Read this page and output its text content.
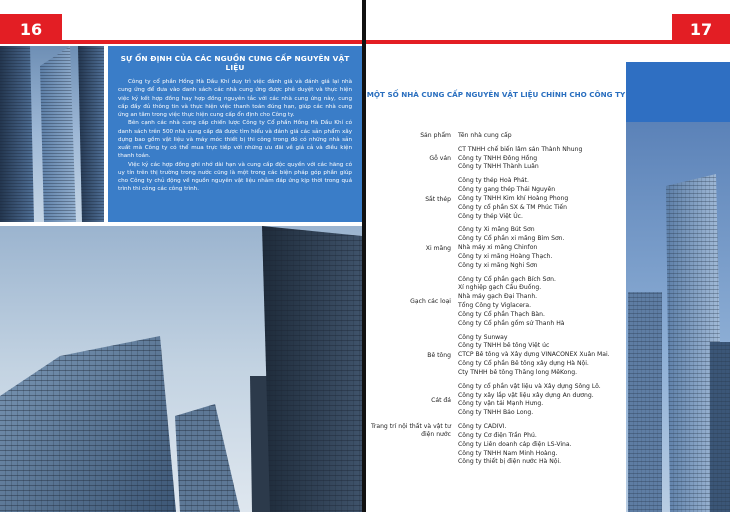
16
SỰ ỔN ĐỊNH CỦA CÁC NGUỒN CUNG CẤP NGUYÊN VẬT LIỆU

Công ty cổ phần Hồng Hà Dầu Khí duy trì việc đánh giá và đánh giá lại nhà cung ứng để đưa vào danh sách các nhà cung ứng được phê duyệt và thực hiện việc ký kết hợp đồng hay hợp đồng nguyên tắc với các nhà cung ứng này, cung cấp đầy đủ thông tin và thực hiện việc thanh toán đúng hạn, giúp các nhà cung ứng an tâm trong việc thực hiện cung cấp ổn định cho Công ty.

Bên cạnh các nhà cung cấp chiến lược Công ty Cổ phần Hồng Hà Dầu Khí có danh sách trên 500 nhà cung cấp đã được tìm hiểu và đánh giá các sản phẩm xây dựng bao gồm vật liệu và máy móc thiết bị thi công trong đó có những nhà sản xuất mà Công ty có thể mua trực tiếp với những ưu đãi về giá cả và điều kiện thanh toán.

Việc ký các hợp đồng ghi nhớ dài hạn và cung cấp độc quyền với các hãng có uy tín trên thị trường trong nước cũng là một trong các biện pháp góp phần giúp cho Công ty chủ động về nguồn nguyên vật liệu nhằm đáp ứng kịp thời trong quá trình thi công các công trình.

17
MỘT SỐ NHÀ CUNG CẤP NGUYÊN VẬT LIỆU CHÍNH CHO CÔNG TY
Sản phẩm	Tên nhà cung cấp
Gỗ ván
CT TNHH chế biến lâm sản Thành Nhung
Công ty TNHH Đông Hồng
Công ty TNHH Thành Luân
Sắt thép
Công ty thép Hoà Phát.
Công ty gang thép Thái Nguyên
Công ty TNHH Kim khí Hoàng Phong
Công ty cổ phần SX & TM Phúc Tiến
Công ty thép Việt Úc.
Xi măng
Công ty Xi măng Bút Sơn
Công ty Cổ phần xi măng Bỉm Sơn.
Nhà máy xi măng Chinfon
Công ty xi măng Hoàng Thạch.
Công ty xi măng Nghi Sơn
Gạch các loại
Công ty Cổ phần gạch Bích Sơn.
Xí nghiệp gạch Cầu Đuống.
Nhà máy gạch Đại Thanh.
Tổng Công ty Viglacera.
Công ty Cổ phần Thạch Bàn.
Công ty Cổ phần gốm sứ Thanh Hà
Bê tông
Công ty Sunway
Công ty TNHH bê tông Việt úc
CTCP Bê tông và Xây dựng VINACONEX Xuân Mai.
Công ty Cổ phần Bê tông xây dựng Hà Nội.
Cty TNHH bê tông Thăng long MêKong.
Cát đá
Công ty cổ phần vật liệu và Xây dựng Sông Lô.
Công ty xây lắp vật liệu xây dựng An dương.
Công ty vận tải Mạnh Hưng.
Công ty TNHH Bảo Long.
Trang trí nội thất và vật tư điện nước
Công ty CADIVI.
Công ty Cơ điện Trần Phú.
Công ty Liên doanh cáp điện LS-Vina.
Công ty TNHH Nam Minh Hoàng.
Công ty thiết bị điện nước Hà Nội.
